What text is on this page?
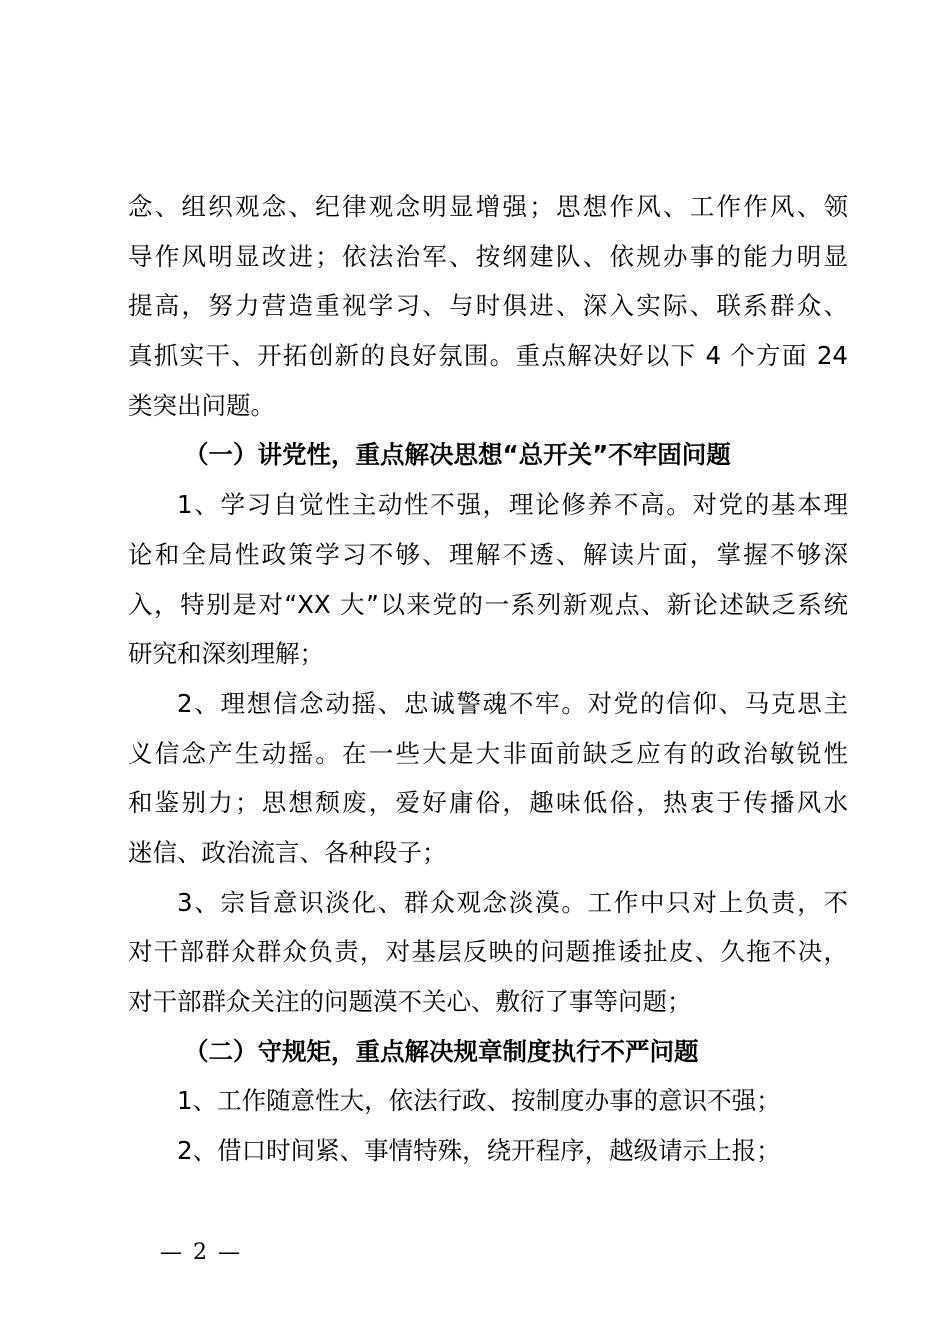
念、组织观念、纪律观念明显增强；思想作风、工作作风、领
导作风明显改进；依法治军、按纲建队、依规办事的能力明显
提高，努力营造重视学习、与时俱进、深入实际、联系群众、
真抓实干、开拓创新的良好氛围。重点解决好以下 4 个方面 24
类突出问题。
（一）讲党性，重点解决思想“总开关”不牢固问题
1、学习自觉性主动性不强，理论修养不高。对党的基本理
论和全局性政策学习不够、理解不透、解读片面，掌握不够深
入，特别是对“XX 大”以来党的一系列新观点、新论述缺乏系统
研究和深刻理解；
2、理想信念动摇、忠诚警魂不牢。对党的信仰、马克思主
义信念产生动摇。在一些大是大非面前缺乏应有的政治敏锐性
和鉴别力；思想颓废，爱好庸俗，趣味低俗，热衷于传播风水
迷信、政治流言、各种段子；
3、宗旨意识淡化、群众观念淡漠。工作中只对上负责，不
对干部群众群众负责，对基层反映的问题推诿扯皮、久拖不决，
对干部群众关注的问题漠不关心、敷衍了事等问题；
（二）守规矩，重点解决规章制度执行不严问题
1、工作随意性大，依法行政、按制度办事的意识不强；
2、借口时间紧、事情特殊，绕开程序，越级请示上报；
— 2 —
